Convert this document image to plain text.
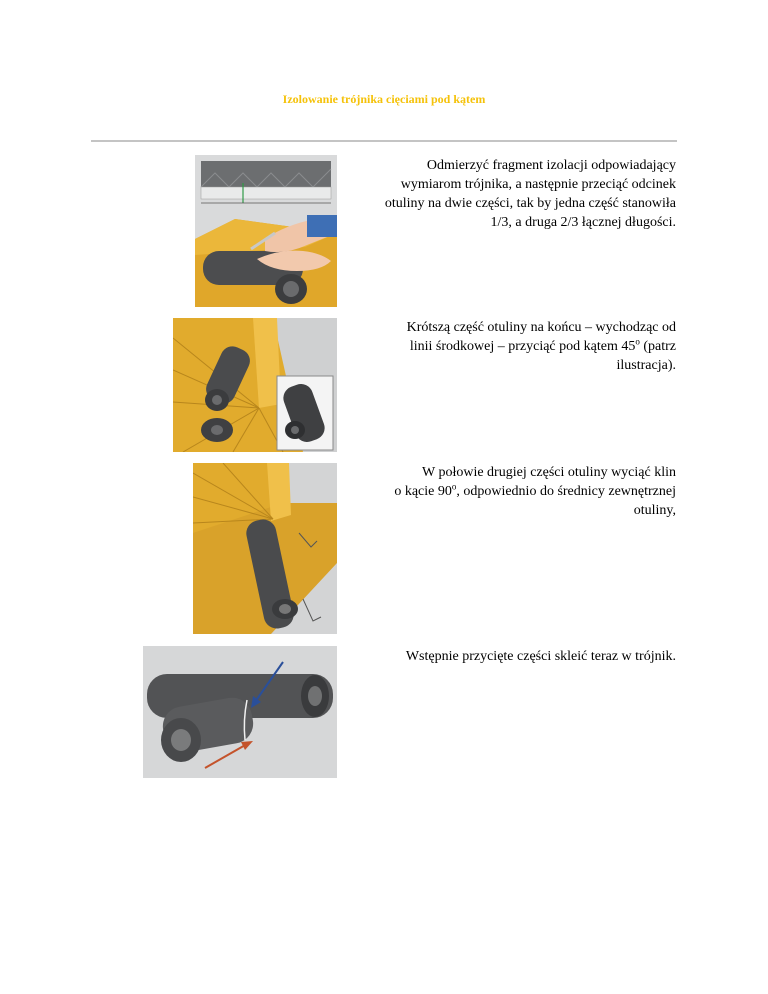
Izolowanie trójnika cięciami pod kątem

Odmierzyć fragment izolacji odpowiadający

wymiarom trójnika, a następnie przeciąć odcinek

otuliny na dwie części, tak by jedna część stanowiła

1/3, a druga 2/3 łącznej długości.

Krótszą część otuliny na końcu – wychodząc od

linii środkowej – przyciąć pod kątem 45$^o$ (patrz

ilustracja).

W połowie drugiej części otuliny wyciąć klin

o kącie 90$^o$, odpowiednio do średnicy zewnętrznej

otuliny,

Wstępnie przycięte części skleić teraz w trójnik.
